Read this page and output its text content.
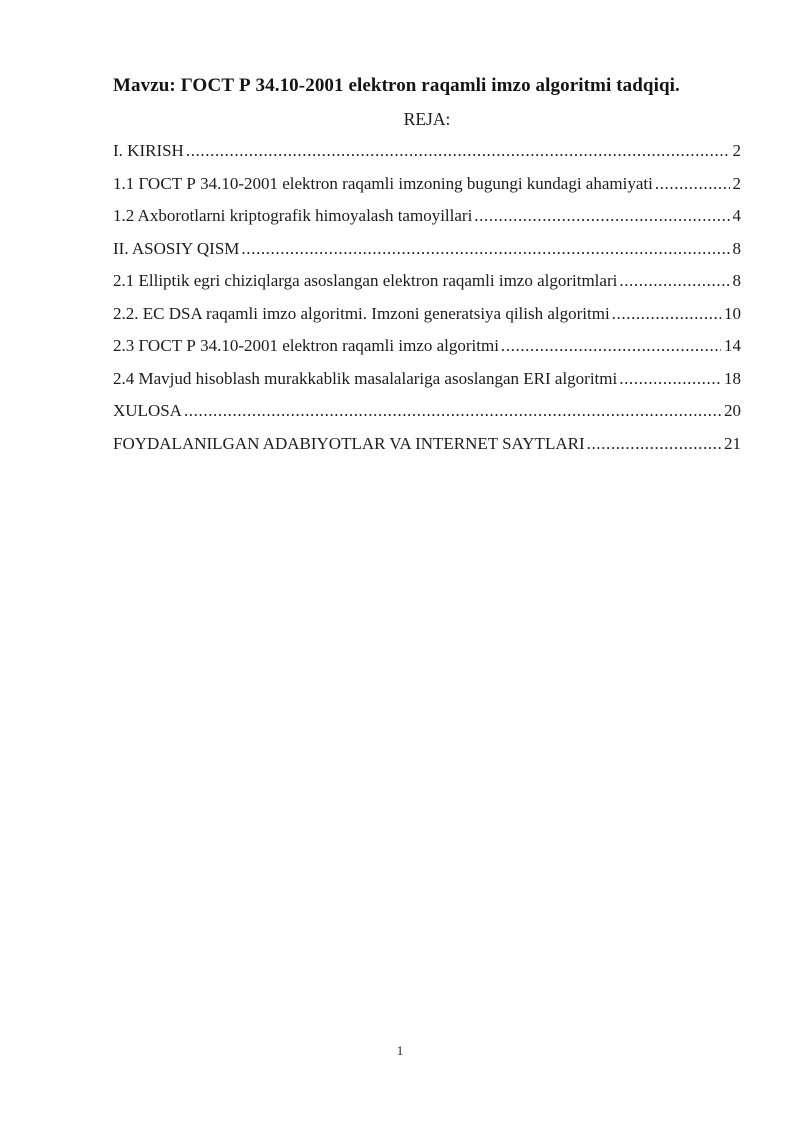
Mavzu: ГОСТ Р 34.10-2001 elektron raqamli imzo algoritmi tadqiqi.
REJA:
I. KIRISH .....	2
1.1 ГОСТ Р 34.10-2001 elektron raqamli imzoning bugungi kundagi ahamiyati .....	2
1.2 Axborotlarni kriptografik himoyalash tamoyillari .....	4
II. ASOSIY QISM .....	8
2.1 Elliptik egri chiziqlarga asoslangan elektron raqamli imzo algoritmlari .....	8
2.2. EC DSA raqamli imzo algoritmi. Imzoni generatsiya qilish algoritmi .....	10
2.3 ГОСТ Р 34.10-2001 elektron raqamli imzo algoritmi .....	14
2.4 Mavjud hisoblash murakkablik masalalariga asoslangan ERI algoritmi .....	18
XULOSA .....	20
FOYDALANILGAN ADABIYOTLAR VA INTERNET SAYTLARI .....	21
1
